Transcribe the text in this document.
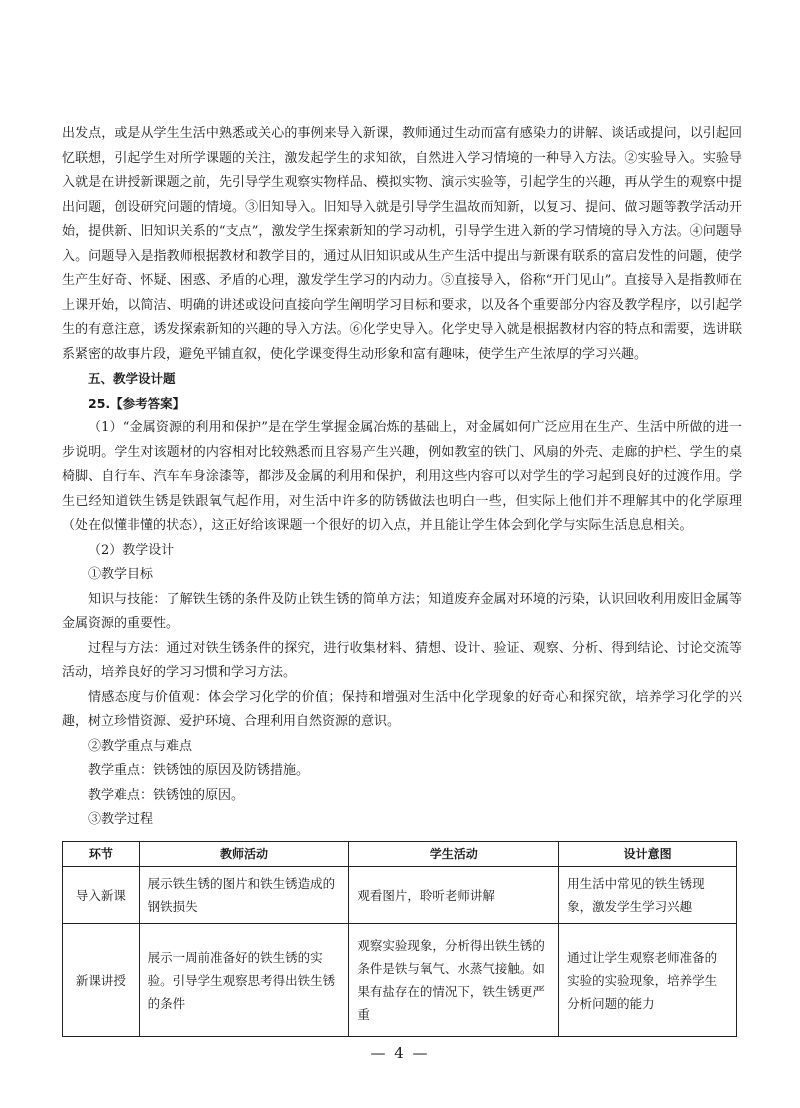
出发点，或是从学生生活中熟悉或关心的事例来导入新课，教师通过生动而富有感染力的讲解、谈话或提问，以引起回忆联想，引起学生对所学课题的关注，激发起学生的求知欲，自然进入学习情境的一种导入方法。②实验导入。实验导入就是在讲授新课题之前，先引导学生观察实物样品、模拟实物、演示实验等，引起学生的兴趣，再从学生的观察中提出问题，创设研究问题的情境。③旧知导入。旧知导入就是引导学生温故而知新，以复习、提问、做习题等教学活动开始，提供新、旧知识关系的“支点”，激发学生探索新知的学习动机，引导学生进入新的学习情境的导入方法。④问题导入。问题导入是指教师根据教材和教学目的，通过从旧知识或从生产生活中提出与新课有联系的富启发性的问题，使学生产生好奇、怀疑、困惑、矛盾的心理，激发学生学习的内动力。⑤直接导入，俗称“开门见山”。直接导入是指教师在上课开始，以简洁、明确的讲述或设问直接向学生阐明学习目标和要求，以及各个重要部分内容及教学程序，以引起学生的有意注意，诱发探索新知的兴趣的导入方法。⑥化学史导入。化学史导入就是根据教材内容的特点和需要，选讲联系紧密的故事片段，避免平铺直叙，使化学课变得生动形象和富有趣味，使学生产生浓厚的学习兴趣。

五、教学设计题

25.【参考答案】

（1）“金属资源的利用和保护”是在学生掌握金属冶炼的基础上，对金属如何广泛应用在生产、生活中所做的进一步说明。学生对该题材的内容相对比较熟悉而且容易产生兴趣，例如教室的铁门、风扇的外壳、走廊的护栏、学生的桌椅脚、自行车、汽车车身涂漆等，都涉及金属的利用和保护，利用这些内容可以对学生的学习起到良好的过渡作用。学生已经知道铁生锈是铁跟氧气起作用，对生活中许多的防锈做法也明白一些，但实际上他们并不理解其中的化学原理（处在似懂非懂的状态），这正好给该课题一个很好的切入点，并且能让学生体会到化学与实际生活息息相关。

（2）教学设计

①教学目标

知识与技能：了解铁生锈的条件及防止铁生锈的简单方法；知道废弃金属对环境的污染，认识回收利用废旧金属等金属资源的重要性。

过程与方法：通过对铁生锈条件的探究，进行收集材料、猜想、设计、验证、观察、分析、得到结论、讨论交流等活动，培养良好的学习习惯和学习方法。

情感态度与价值观：体会学习化学的价值；保持和增强对生活中化学现象的好奇心和探究欲，培养学习化学的兴趣，树立珍惜资源、爱护环境、合理利用自然资源的意识。

②教学重点与难点

教学重点：铁锈蚀的原因及防锈措施。

教学难点：铁锈蚀的原因。

③教学过程

环节	教师活动	学生活动	设计意图
导入新课	展示铁生锈的图片和铁生锈造成的钢铁损失	观看图片，聆听老师讲解	用生活中常见的铁生锈现象，激发学生学习兴趣
新课讲授	展示一周前准备好的铁生锈的实验。引导学生观察思考得出铁生锈的条件	观察实验现象，分析得出铁生锈的条件是铁与氧气、水蒸气接触。如果有盐存在的情况下，铁生锈更严重	通过让学生观察老师准备的实验的实验现象，培养学生分析问题的能力
— 4 —
